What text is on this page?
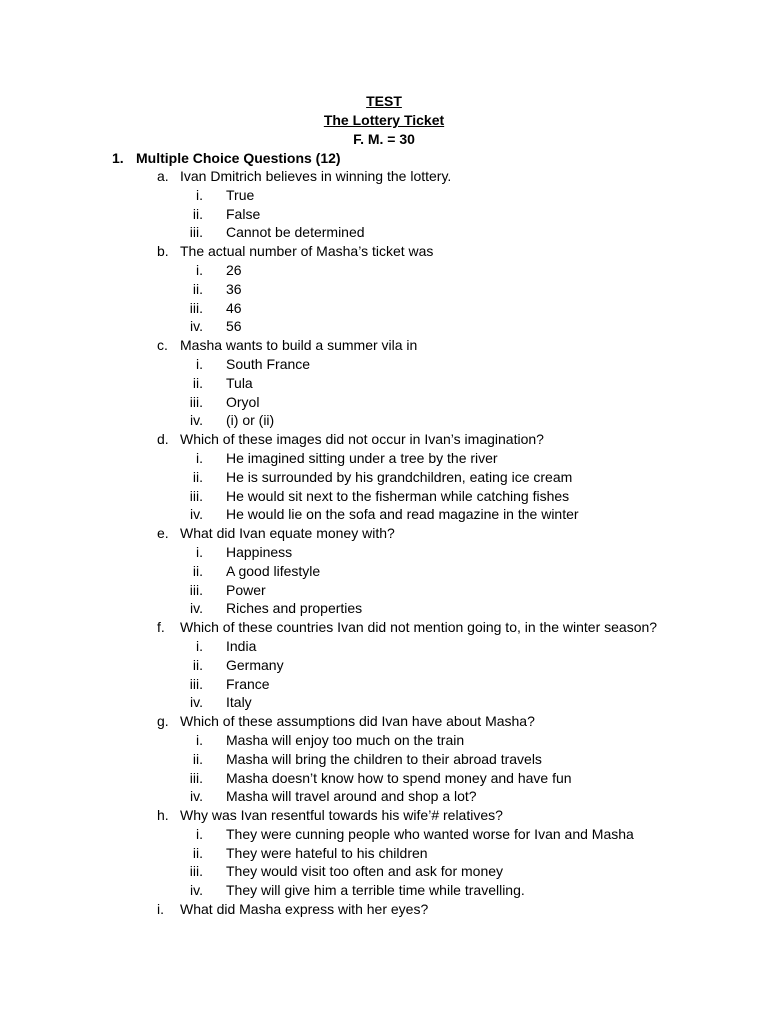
TEST
The Lottery Ticket
F. M. = 30
1. Multiple Choice Questions (12)
a. Ivan Dmitrich believes in winning the lottery.
i. True
ii. False
iii. Cannot be determined
b. The actual number of Masha’s ticket was
i. 26
ii. 36
iii. 46
iv. 56
c. Masha wants to build a summer vila in
i. South France
ii. Tula
iii. Oryol
iv. (i) or (ii)
d. Which of these images did not occur in Ivan’s imagination?
i. He imagined sitting under a tree by the river
ii. He is surrounded by his grandchildren, eating ice cream
iii. He would sit next to the fisherman while catching fishes
iv. He would lie on the sofa and read magazine in the winter
e. What did Ivan equate money with?
i. Happiness
ii. A good lifestyle
iii. Power
iv. Riches and properties
f. Which of these countries Ivan did not mention going to, in the winter season?
i. India
ii. Germany
iii. France
iv. Italy
g. Which of these assumptions did Ivan have about Masha?
i. Masha will enjoy too much on the train
ii. Masha will bring the children to their abroad travels
iii. Masha doesn’t know how to spend money and have fun
iv. Masha will travel around and shop a lot?
h. Why was Ivan resentful towards his wife’# relatives?
i. They were cunning people who wanted worse for Ivan and Masha
ii. They were hateful to his children
iii. They would visit too often and ask for money
iv. They will give him a terrible time while travelling.
i. What did Masha express with her eyes?
